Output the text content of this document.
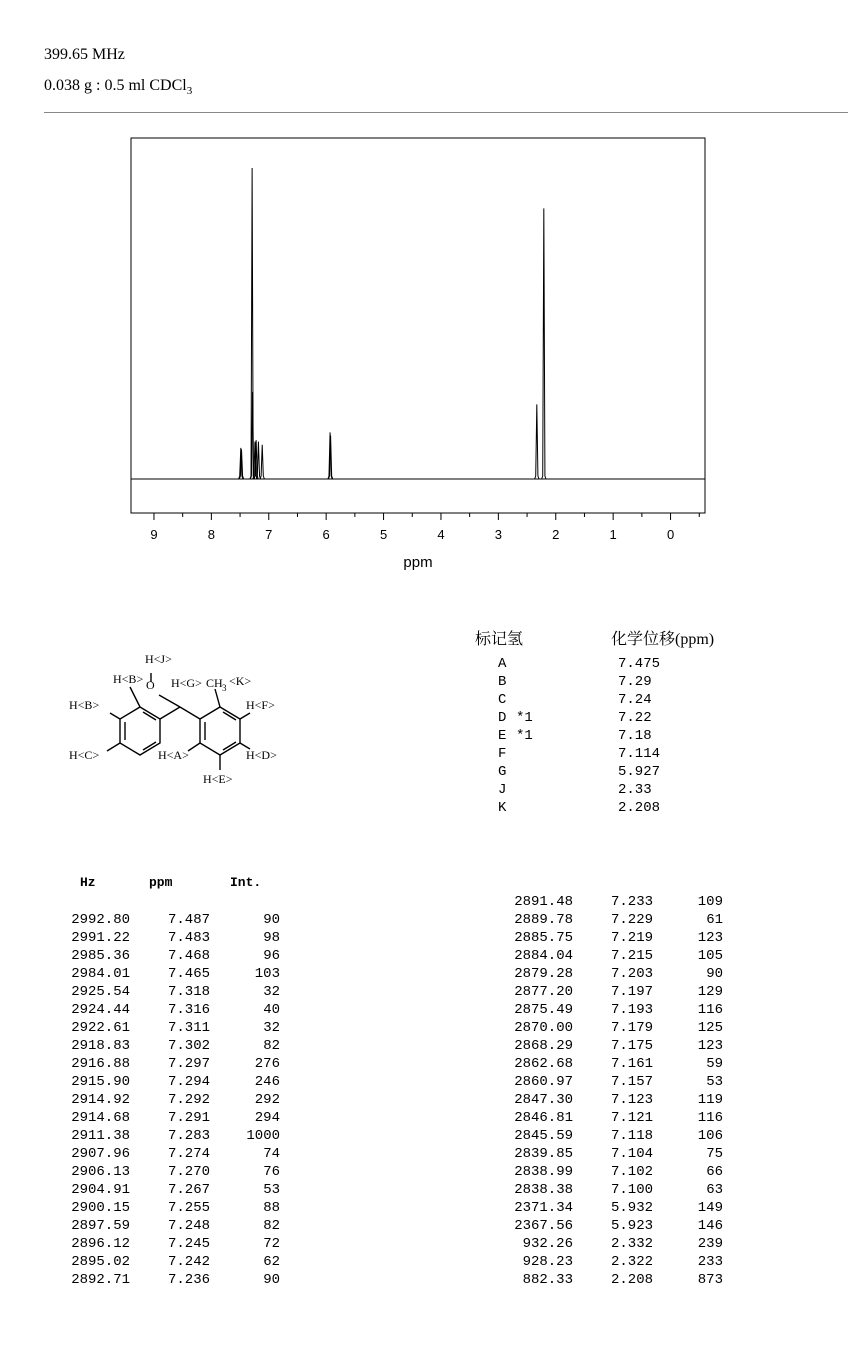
399.65 MHz
0.038 g : 0.5 ml CDCl$_3$
9	8	7	6	5	4	3	2	1	0
ppm
H<J>
O
H<B> H<G> CH 3 <K>
H<B>	H<F>
H<C>	H<A>	H<D>
H<E>
标记氢	化学位移(ppm)
A	7.475
B	7.29
C	7.24
D *1	7.22
E *1	7.18
F	7.114
G	5.927
J	2.33
K	2.208
Hz	ppm	Int.
2992.80	7.487	90
2991.22	7.483	98
2985.36	7.468	96
2984.01	7.465	103
2925.54	7.318	32
2924.44	7.316	40
2922.61	7.311	32
2918.83	7.302	82
2916.88	7.297	276
2915.90	7.294	246
2914.92	7.292	292
2914.68	7.291	294
2911.38	7.283	1000
2907.96	7.274	74
2906.13	7.270	76
2904.91	7.267	53
2900.15	7.255	88
2897.59	7.248	82
2896.12	7.245	72
2895.02	7.242	62
2892.71	7.236	90
2891.48	7.233	109
2889.78	7.229	61
2885.75	7.219	123
2884.04	7.215	105
2879.28	7.203	90
2877.20	7.197	129
2875.49	7.193	116
2870.00	7.179	125
2868.29	7.175	123
2862.68	7.161	59
2860.97	7.157	53
2847.30	7.123	119
2846.81	7.121	116
2845.59	7.118	106
2839.85	7.104	75
2838.99	7.102	66
2838.38	7.100	63
2371.34	5.932	149
2367.56	5.923	146
932.26	2.332	239
928.23	2.322	233
882.33	2.208	873
